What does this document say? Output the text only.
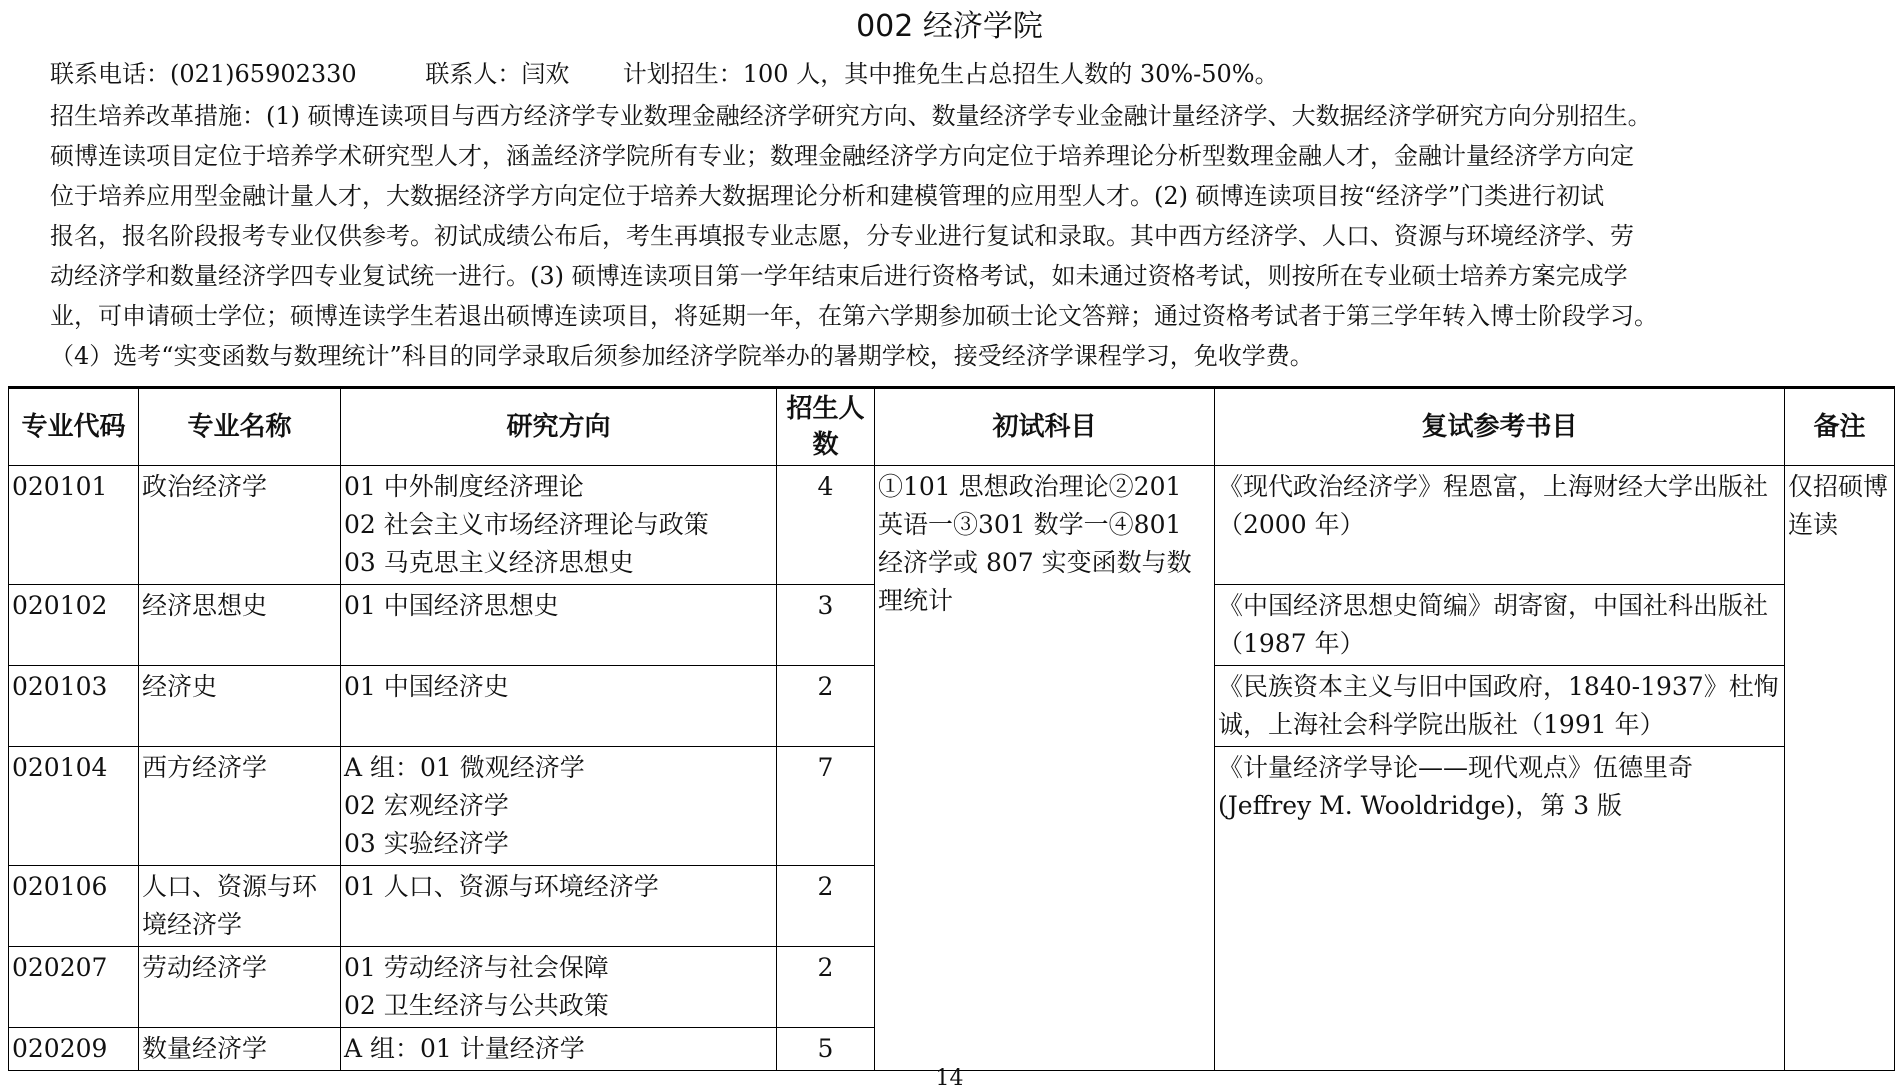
002 经济学院
联系电话：(021)65902330         联系人：闫欢       计划招生：100 人，其中推免生占总招生人数的 30%-50%。
招生培养改革措施：(1) 硕博连读项目与西方经济学专业数理金融经济学研究方向、数量经济学专业金融计量经济学、大数据经济学研究方向分别招生。
硕博连读项目定位于培养学术研究型人才，涵盖经济学院所有专业；数理金融经济学方向定位于培养理论分析型数理金融人才，金融计量经济学方向定
位于培养应用型金融计量人才，大数据经济学方向定位于培养大数据理论分析和建模管理的应用型人才。(2) 硕博连读项目按“经济学”门类进行初试
报名，报名阶段报考专业仅供参考。初试成绩公布后，考生再填报专业志愿，分专业进行复试和录取。其中西方经济学、人口、资源与环境经济学、劳
动经济学和数量经济学四专业复试统一进行。(3) 硕博连读项目第一学年结束后进行资格考试，如未通过资格考试，则按所在专业硕士培养方案完成学
业，可申请硕士学位；硕博连读学生若退出硕博连读项目，将延期一年，在第六学期参加硕士论文答辩；通过资格考试者于第三学年转入博士阶段学习。
（4）选考“实变函数与数理统计”科目的同学录取后须参加经济学院举办的暑期学校，接受经济学课程学习，免收学费。
专业代码	专业名称	研究方向	招生人数	初试科目	复试参考书目	备注
020101	政治经济学	01 中外制度经济理论
02 社会主义市场经济理论与政策
03 马克思主义经济思想史	4	①101 思想政治理论②201 英语一③301 数学一④801 经济学或 807 实变函数与数理统计	《现代政治经济学》程恩富，上海财经大学出版社（2000 年）	仅招硕博连读
020102	经济思想史	01 中国经济思想史	3		《中国经济思想史简编》胡寄窗，中国社科出版社（1987 年）	
020103	经济史	01 中国经济史	2		《民族资本主义与旧中国政府，1840-1937》杜恂诚，上海社会科学院出版社（1991 年）	
020104	西方经济学	A 组：01 微观经济学
02 宏观经济学
03 实验经济学	7		《计量经济学导论——现代观点》伍德里奇(Jeffrey M. Wooldridge)，第 3 版	
020106	人口、资源与环境经济学	01 人口、资源与环境经济学	2			
020207	劳动经济学	01 劳动经济与社会保障
02 卫生经济与公共政策	2			
020209	数量经济学	A 组：01 计量经济学	5			
14
